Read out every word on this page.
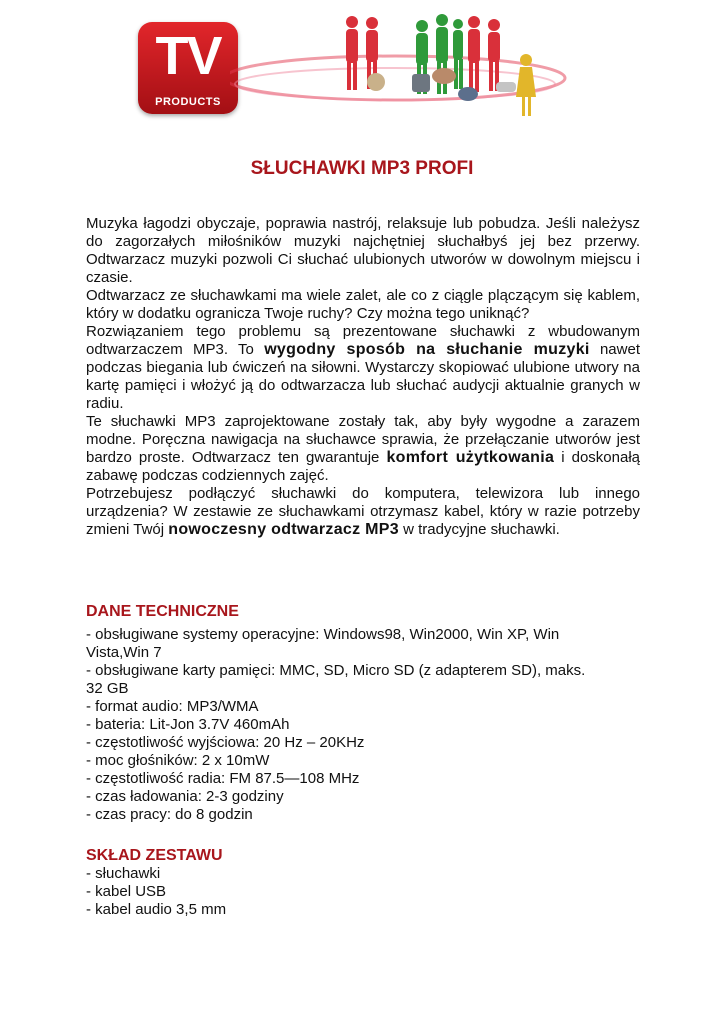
TV
PRODUCTS
SŁUCHAWKI MP3 PROFI

Muzyka łagodzi obyczaje, poprawia nastrój, relaksuje lub pobudza. Jeśli należysz do zagorzałych miłośników muzyki najchętniej słuchałbyś jej bez przerwy. Odtwarzacz muzyki pozwoli Ci słuchać ulubionych utworów w dowolnym miejscu i czasie.

Odtwarzacz ze słuchawkami ma wiele zalet, ale co z ciągle plączącym się kablem, który w dodatku ogranicza Twoje ruchy? Czy można tego uniknąć?

Rozwiązaniem tego problemu są prezentowane słuchawki z wbudowanym odtwarzaczem MP3. To wygodny sposób na słuchanie muzyki nawet podczas biegania lub ćwiczeń na siłowni. Wystarczy skopiować ulubione utwory na kartę pamięci i włożyć ją do odtwarzacza lub słuchać audycji aktualnie granych w radiu.

Te słuchawki MP3 zaprojektowane zostały tak, aby były wygodne a zarazem modne. Poręczna nawigacja na słuchawce sprawia, że przełączanie utworów jest bardzo proste. Odtwarzacz ten gwarantuje komfort użytkowania i doskonałą zabawę podczas codziennych zajęć.

Potrzebujesz podłączyć słuchawki do komputera, telewizora lub innego urządzenia? W zestawie ze słuchawkami otrzymasz kabel, który w razie potrzeby zmieni Twój nowoczesny odtwarzacz MP3 w tradycyjne słuchawki.

DANE TECHNICZNE
- obsługiwane systemy operacyjne: Windows98, Win2000, Win XP, Win Vista,Win 7
- obsługiwane karty pamięci: MMC, SD, Micro SD (z adapterem SD), maks. 32 GB
- format audio: MP3/WMA
- bateria: Lit-Jon 3.7V 460mAh
- częstotliwość wyjściowa: 20 Hz – 20KHz
- moc głośników: 2 x 10mW
- częstotliwość radia: FM 87.5—108 MHz
- czas ładowania: 2-3 godziny
- czas pracy: do 8 godzin
SKŁAD ZESTAWU
- słuchawki
- kabel USB
- kabel audio 3,5 mm
